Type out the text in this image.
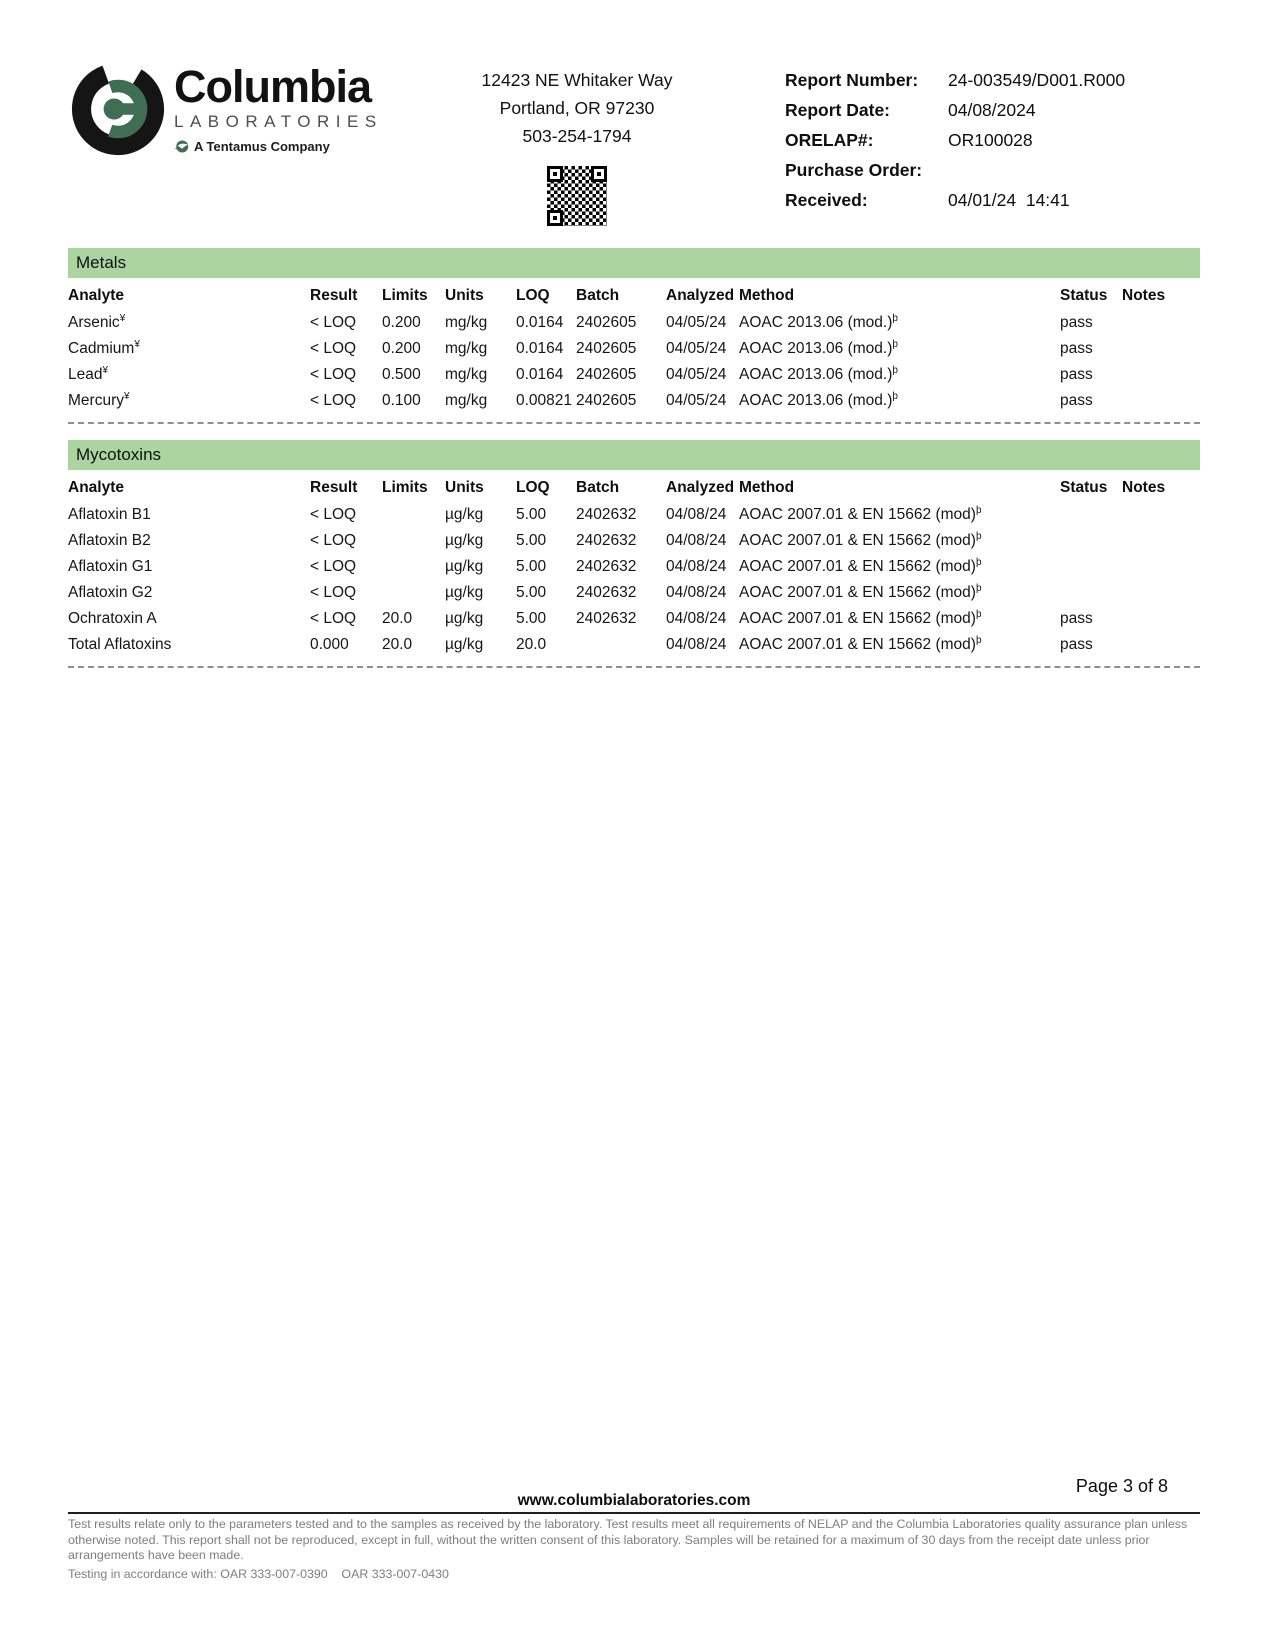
Columbia
LABORATORIES
A Tentamus Company
12423 NE Whitaker Way
Portland, OR 97230
503-254-1794
Report Number:	24-003549/D001.R000
Report Date:	04/08/2024
ORELAP#:	OR100028
Purchase Order:
Received:	04/01/24  14:41
Metals
Analyte	Result	Limits	Units	LOQ	Batch	Analyzed	Method	Status	Notes
Arsenic¥	< LOQ	0.200	mg/kg	0.0164	2402605	04/05/24	AOAC 2013.06 $(mod.)^þ$	pass	
Cadmium¥	< LOQ	0.200	mg/kg	0.0164	2402605	04/05/24	AOAC 2013.06 $(mod.)^þ$	pass	
Lead¥	< LOQ	0.500	mg/kg	0.0164	2402605	04/05/24	AOAC 2013.06 $(mod.)^þ$	pass	
Mercury¥	< LOQ	0.100	mg/kg	0.00821	2402605	04/05/24	AOAC 2013.06 $(mod.)^þ$	pass	
Mycotoxins
Analyte	Result	Limits	Units	LOQ	Batch	Analyzed	Method	Status	Notes
Aflatoxin B1	< LOQ		µg/kg	5.00	2402632	04/08/24	AOAC 2007.01 & EN 15662 (mod)$^þ$		
Aflatoxin B2	< LOQ		µg/kg	5.00	2402632	04/08/24	AOAC 2007.01 & EN 15662 (mod)$^þ$		
Aflatoxin G1	< LOQ		µg/kg	5.00	2402632	04/08/24	AOAC 2007.01 & EN 15662 (mod)$^þ$		
Aflatoxin G2	< LOQ		µg/kg	5.00	2402632	04/08/24	AOAC 2007.01 & EN 15662 (mod)$^þ$		
Ochratoxin A	< LOQ	20.0	µg/kg	5.00	2402632	04/08/24	AOAC 2007.01 & EN 15662 (mod)$^þ$	pass	
Total Aflatoxins	0.000	20.0	µg/kg	20.0		04/08/24	AOAC 2007.01 & EN 15662 (mod)$^þ$	pass	
Page 3 of 8
www.columbialaboratories.com
Test results relate only to the parameters tested and to the samples as received by the laboratory. Test results meet all requirements of NELAP and the Columbia Laboratories quality assurance plan unless otherwise noted. This report shall not be reproduced, except in full, without the written consent of this laboratory. Samples will be retained for a maximum of 30 days from the receipt date unless prior arrangements have been made.
Testing in accordance with: OAR 333-007-0390    OAR 333-007-0430
